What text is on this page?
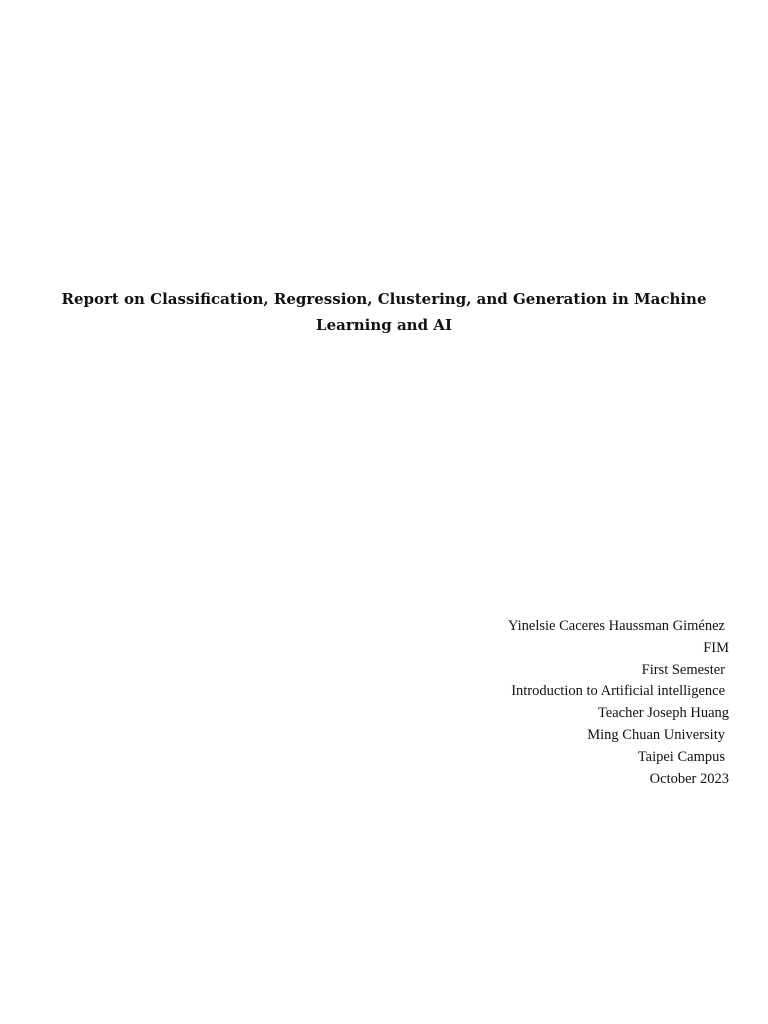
Report on Classification, Regression, Clustering, and Generation in Machine
Learning and AI
Yinelsie Caceres Haussman Giménez
FIM
First Semester
Introduction to Artificial intelligence
Teacher Joseph Huang
Ming Chuan University
Taipei Campus
October 2023
